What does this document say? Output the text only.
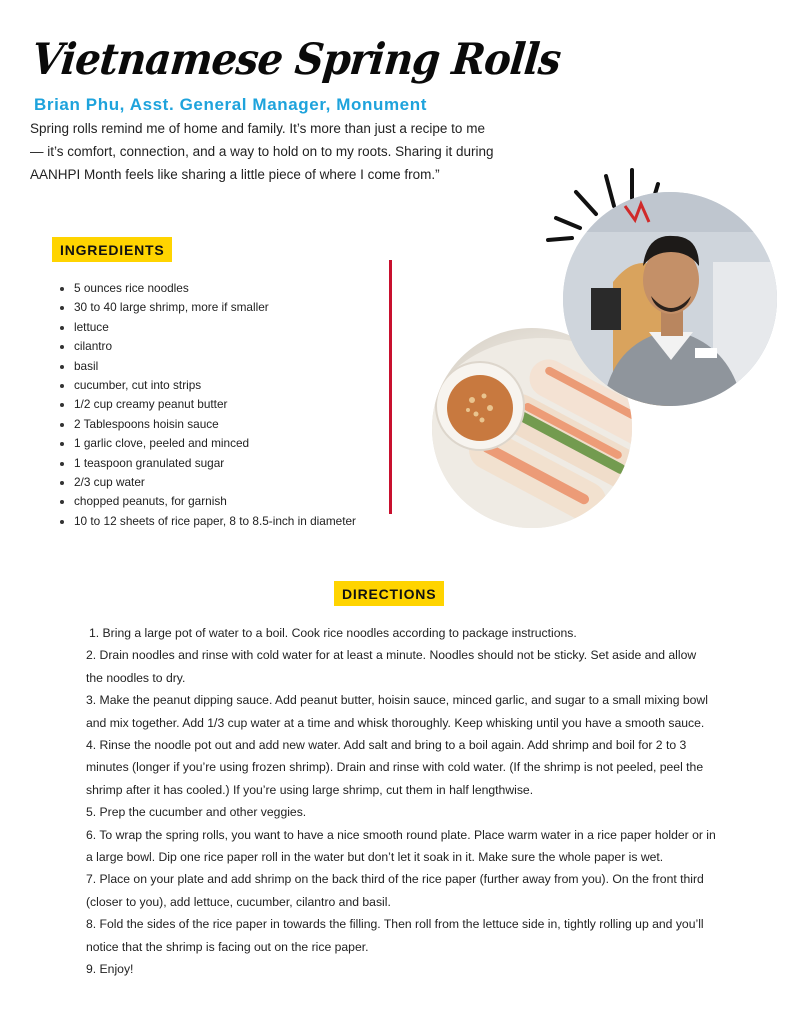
Vietnamese Spring Rolls
Brian Phu, Asst. General Manager, Monument

Spring rolls remind me of home and family. It’s more than just a recipe to me — it’s comfort, connection, and a way to hold on to my roots. Sharing it during AANHPI Month feels like sharing a little piece of where I come from.”

INGREDIENTS
5 ounces rice noodles
30 to 40 large shrimp, more if smaller
lettuce
cilantro
basil
cucumber, cut into strips
1/2 cup creamy peanut butter
2 Tablespoons hoisin sauce
1 garlic clove, peeled and minced
1 teaspoon granulated sugar
2/3 cup water
chopped peanuts, for garnish
10 to 12 sheets of rice paper, 8 to 8.5-inch in diameter
DIRECTIONS

1. Bring a large pot of water to a boil. Cook rice noodles according to package instructions.

2. Drain noodles and rinse with cold water for at least a minute. Noodles should not be sticky. Set aside and allow the noodles to dry.

3. Make the peanut dipping sauce. Add peanut butter, hoisin sauce, minced garlic, and sugar to a small mixing bowl and mix together. Add 1/3 cup water at a time and whisk thoroughly. Keep whisking until you have a smooth sauce.

4. Rinse the noodle pot out and add new water. Add salt and bring to a boil again. Add shrimp and boil for 2 to 3 minutes (longer if you’re using frozen shrimp). Drain and rinse with cold water. (If the shrimp is not peeled, peel the shrimp after it has cooled.) If you’re using large shrimp, cut them in half lengthwise.

5. Prep the cucumber and other veggies.

6. To wrap the spring rolls, you want to have a nice smooth round plate. Place warm water in a rice paper holder or in a large bowl. Dip one rice paper roll in the water but don’t let it soak in it. Make sure the whole paper is wet.

7. Place on your plate and add shrimp on the back third of the rice paper (further away from you). On the front third (closer to you), add lettuce, cucumber, cilantro and basil.

8. Fold the sides of the rice paper in towards the filling. Then roll from the lettuce side in, tightly rolling up and you’ll notice that the shrimp is facing out on the rice paper.

9. Enjoy!
